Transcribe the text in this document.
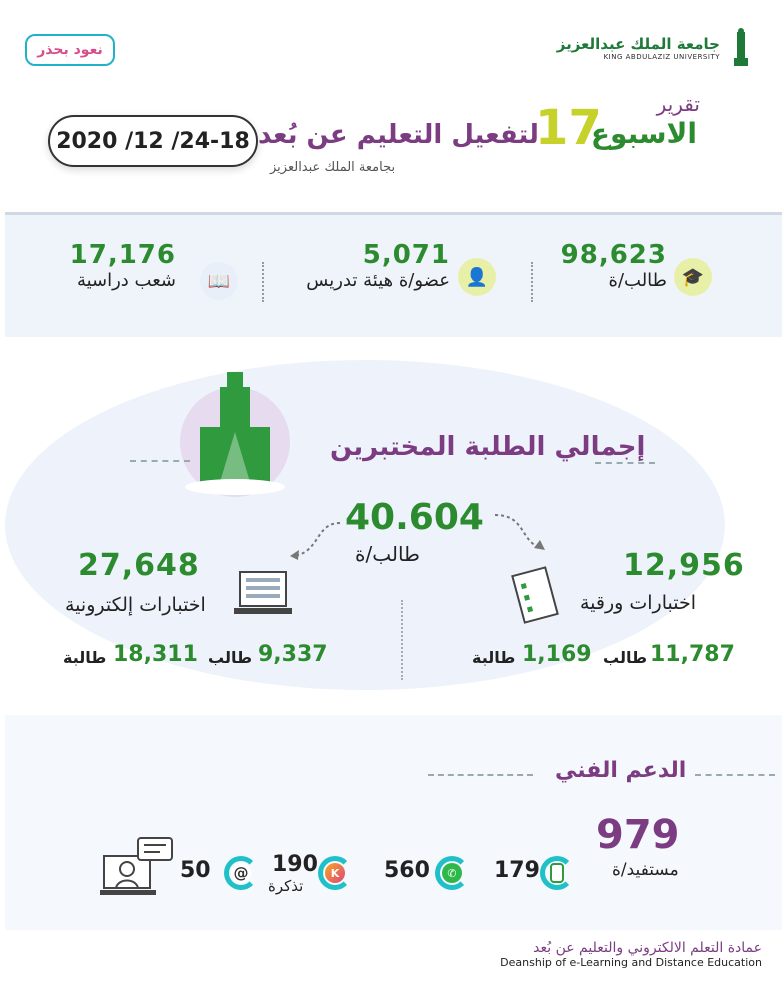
جامعة الملك عبدالعزيز
KING ABDULAZIZ UNIVERSITY
نعود بحذر
تقرير
17
الاسبوع
لتفعيل التعليم عن بُعد
بجامعة الملك عبدالعزيز
2020 /12 /24-18
🎓
98,623
طالب/ة
👤
5,071
عضو/ة هيئة تدريس
📖
17,176
شعب دراسية
إجمالي الطلبة المختبرين
40.604
طالب/ة	12,956
اختبارات ورقية
11,787
طالب
1,169
طالبة
27,648
اختبارات إلكترونية
9,337
طالب
18,311
طالبة
الدعم الفني
979
مستفيد/ة
179
✆
560
K
190
تذكرة
@
50
عمادة التعلم الالكتروني والتعليم عن بُعد
Deanship of e-Learning and Distance Education
